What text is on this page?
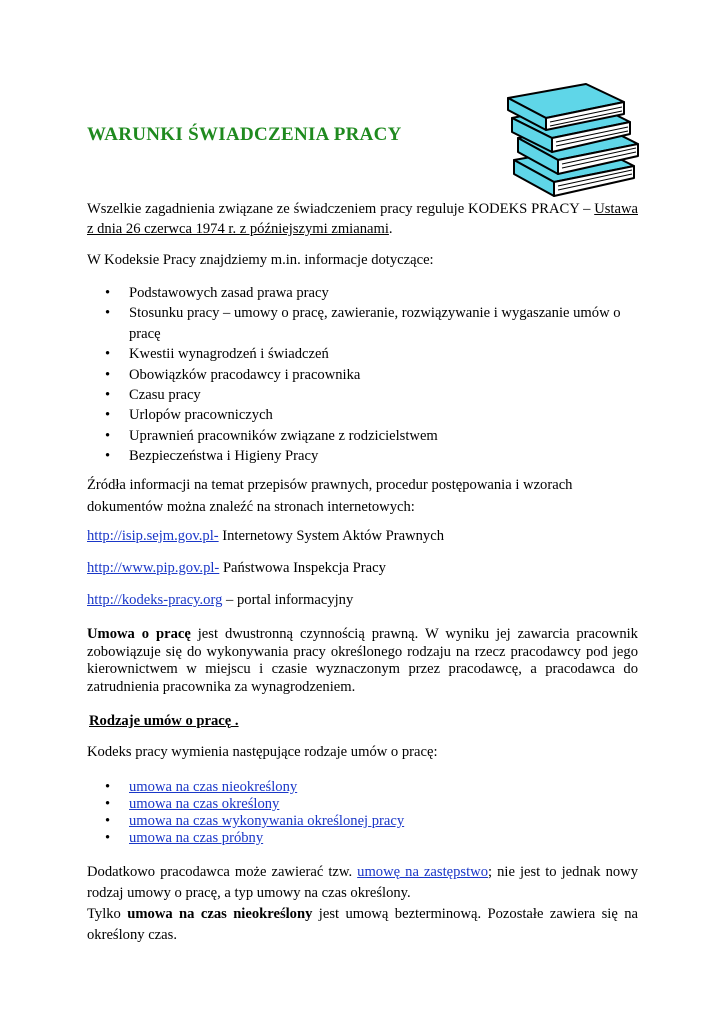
WARUNKI ŚWIADCZENIA PRACY
Wszelkie zagadnienia związane ze świadczeniem pracy reguluje KODEKS PRACY – Ustawa z dnia 26 czerwca 1974 r. z późniejszymi zmianami.
W Kodeksie Pracy znajdziemy m.in. informacje dotyczące:
• Podstawowych zasad prawa pracy
• Stosunku pracy – umowy o pracę, zawieranie, rozwiązywanie i wygaszanie umów o pracę
• Kwestii wynagrodzeń i świadczeń
• Obowiązków pracodawcy i pracownika
• Czasu pracy
• Urlopów pracowniczych
• Uprawnień pracowników związane z rodzicielstwem
• Bezpieczeństwa i Higieny Pracy
Źródła informacji na temat przepisów prawnych, procedur postępowania i wzorach dokumentów można znaleźć na stronach internetowych:
http://isip.sejm.gov.pl- Internetowy System Aktów Prawnych
http://www.pip.gov.pl- Państwowa Inspekcja Pracy
http://kodeks-pracy.org – portal informacyjny
Umowa o pracę jest dwustronną czynnością prawną. W wyniku jej zawarcia pracownik zobowiązuje się do wykonywania pracy określonego rodzaju na rzecz pracodawcy pod jego kierownictwem w miejscu i czasie wyznaczonym przez pracodawcę, a pracodawca do zatrudnienia pracownika za wynagrodzeniem.
Rodzaje umów o pracę .
Kodeks pracy wymienia następujące rodzaje umów o pracę:
• umowa na czas nieokreślony
• umowa na czas określony
• umowa na czas wykonywania określonej pracy
• umowa na czas próbny
Dodatkowo pracodawca może zawierać tzw. umowę na zastępstwo; nie jest to jednak nowy rodzaj umowy o pracę, a typ umowy na czas określony.
Tylko umowa na czas nieokreślony jest umową bezterminową. Pozostałe zawiera się na określony czas.
